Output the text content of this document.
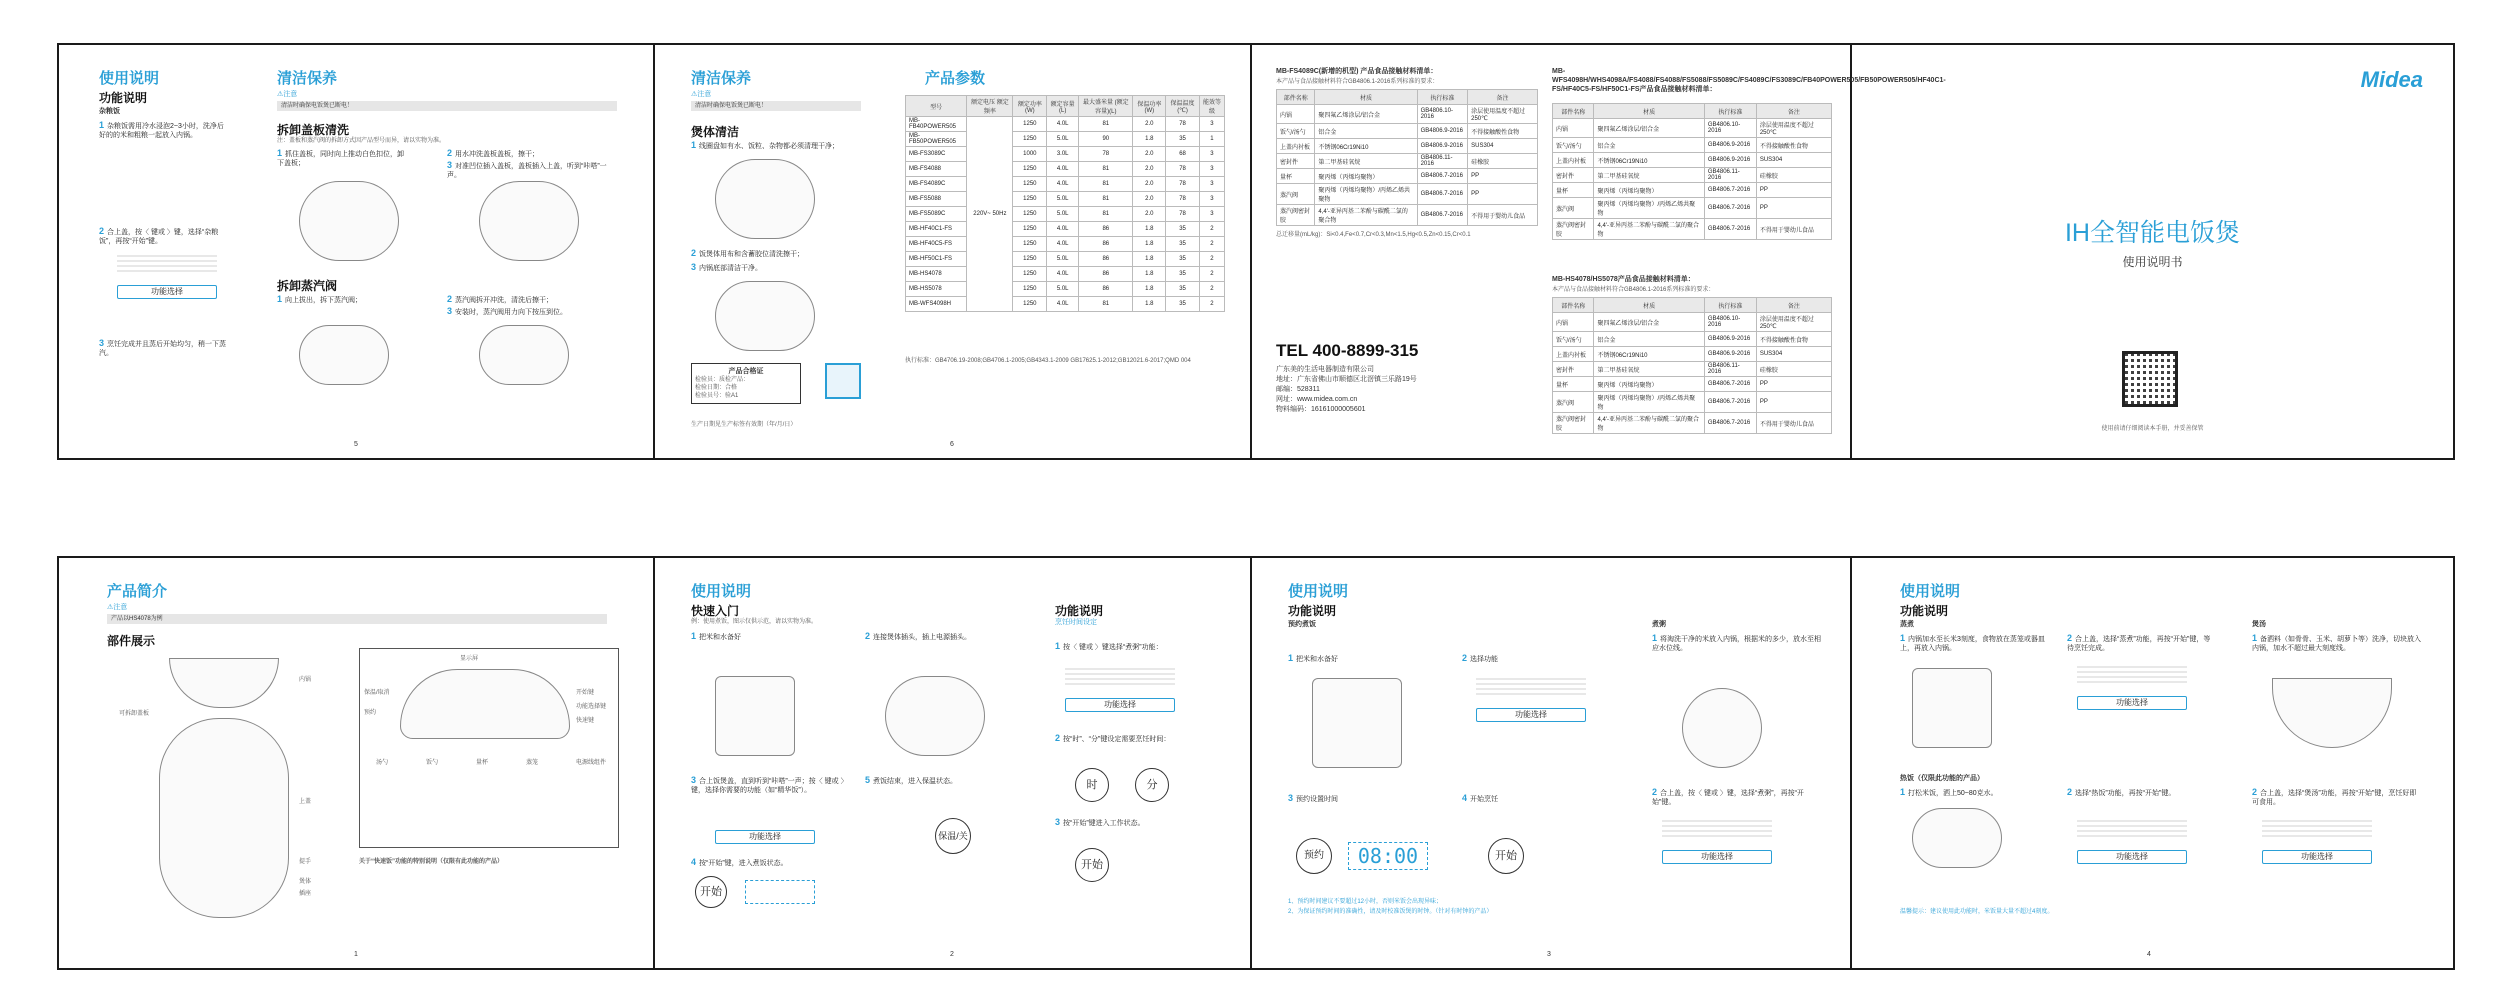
使用说明
功能说明
杂粮饭
1 杂粮饭需用冷水浸泡2~3小时，洗净后好的的米和粗粮一起放入内锅。
2 合上盖，按〈 键或 〉键，选择“杂粮饭”，再按“开始”键。
功能选择
3 烹饪完成并且蒸后开始均匀，稍一下蒸汽。
清洁保养
⚠注意
清洁时确保电饭煲已断电！
拆卸盖板清洗
注：盖板和蒸汽阀的拆卸方式因产品型号而异，请以实物为准。
1 抓住盖板，同时向上推动白色扣位，卸下盖板；
2 用水冲洗盖板盖板，擦干；
3 对准凹位插入盖板，盖板插入上盖，听到“咔嗒”一声。
拆卸蒸汽阀
1 向上拔出，拆下蒸汽阀；	2 蒸汽阀拆开冲洗，清洗后擦干；
3 安装时，蒸汽阀用力向下按压到位。
5
清洁保养
⚠注意
清洁时确保电饭煲已断电！
煲体清洁
1 线圈盘如有水、饭粒、杂物都必须清理干净；
2 饭煲体用布和含蓄胶位清洗擦干；
3 内锅底部清洁干净。
产品合格证
检验员：质检产品：
检验日期：合格
检验员号：验A1
生产日期见生产标签有效期（年/月/日）
产品参数
型号	额定电压 额定频率	额定功率(W)	额定容量(L)	最大盛米量 (额定容量)(L)	保温功率(W)	保温温度(℃)	能效等级
MB-FB40POWER505	220V~ 50Hz	1250	4.0L	81	2.0	78	3
MB-FB50POWER505		1250	5.0L	90	1.8	35	1
MB-FS3089C		1000	3.0L	78	2.0	68	3
MB-FS4088		1250	4.0L	81	2.0	78	3
MB-FS4089C		1250	4.0L	81	2.0	78	3
MB-FS5088		1250	5.0L	81	2.0	78	3
MB-FS5089C		1250	5.0L	81	2.0	78	3
MB-HF40C1-FS		1250	4.0L	86	1.8	35	2
MB-HF40C5-FS		1250	4.0L	86	1.8	35	2
MB-HF50C1-FS		1250	5.0L	86	1.8	35	2
MB-HS4078		1250	4.0L	86	1.8	35	2
MB-HS5078		1250	5.0L	86	1.8	35	2
MB-WFS4098H		1250	4.0L	81	1.8	35	2
执行标准：GB4706.19-2008;GB4706.1-2005;GB4343.1-2009 GB17625.1-2012;GB12021.6-2017;QMD 004
6
MB-FS4089C(新增的机型) 产品食品接触材料清单：
本产品与食品接触材料符合GB4806.1-2016系列标准的要求：
部件名称	材质	执行标准	备注
内锅	聚四氟乙烯涂层/铝合金	GB4806.10-2016	涂层使用温度不超过250℃
饭勺/汤勺	铝合金	GB4806.9-2016	不得接触酸性食物
上盖内衬板	不锈钢06Cr19Ni10	GB4806.9-2016	SUS304
密封件	第二甲基硅氧烷	GB4806.11-2016	硅橡胶
量杯	聚丙烯（丙烯均聚物）	GB4806.7-2016	PP
蒸汽阀	聚丙烯（丙烯均聚物）/丙烯乙烯共聚物	GB4806.7-2016	PP
蒸汽阀密封胶	4,4'-亚异丙基二苯酚与碳酰二氯的聚合物	GB4806.7-2016	不得用于婴幼儿食品
总迁移量(mL/kg)：Si<0.4,Fe<0.7,Cr<0.3,Mn<1.5,Hg<0.5,Zn<0.15,Cr<0.1
TEL 400-8899-315
广东美的生活电器制造有限公司
地址：广东省佛山市顺德区北滘镇三乐路19号
邮编：528311
网址：www.midea.com.cn
物料编码：16161000005601
MB-WFS4098H/WHS4098A/FS4088/FS4088/FS5088/FS5089C/FS4089C/FS3089C/FB40POWER505/FB50POWER505/HF40C1-FS/HF40C5-FS/HF50C1-FS产品食品接触材料清单：
部件名称	材质	执行标准	备注
内锅	聚四氟乙烯涂层/铝合金	GB4806.10-2016	涂层使用温度不超过250℃
饭勺/汤勺	铝合金	GB4806.9-2016	不得接触酸性食物
上盖内衬板	不锈钢06Cr19Ni10	GB4806.9-2016	SUS304
密封件	第二甲基硅氧烷	GB4806.11-2016	硅橡胶
量杯	聚丙烯（丙烯均聚物）	GB4806.7-2016	PP
蒸汽阀	聚丙烯（丙烯均聚物）/丙烯乙烯共聚物	GB4806.7-2016	PP
蒸汽阀密封胶	4,4'-亚异丙基二苯酚与碳酰二氯的聚合物	GB4806.7-2016	不得用于婴幼儿食品
MB-HS4078/HS5078产品食品接触材料清单：
本产品与食品接触材料符合GB4806.1-2016系列标准的要求：
部件名称	材质	执行标准	备注
内锅	聚四氟乙烯涂层/铝合金	GB4806.10-2016	涂层使用温度不超过250℃
饭勺/汤勺	铝合金	GB4806.9-2016	不得接触酸性食物
上盖内衬板	不锈钢06Cr19Ni10	GB4806.9-2016	SUS304
密封件	第二甲基硅氧烷	GB4806.11-2016	硅橡胶
量杯	聚丙烯（丙烯均聚物）	GB4806.7-2016	PP
蒸汽阀	聚丙烯（丙烯均聚物）/丙烯乙烯共聚物	GB4806.7-2016	PP
蒸汽阀密封胶	4,4'-亚异丙基二苯酚与碳酰二氯的聚合物	GB4806.7-2016	不得用于婴幼儿食品
Midea
IH全智能电饭煲
使用说明书
使用前请仔细阅读本手册，并妥善保管
产品简介
⚠注意
产品以HS4078为例
部件展示
内锅
可拆卸盖板
上盖
提手
煲体
插座
显示屏
保温/取消
预约
开始键
功能选择键
快速键
汤勺	饭勺	量杯	蒸笼	电源线组件
关于“快速饭”功能的特别说明（仅限有此功能的产品）
1
使用说明
快速入门
例：使用煮饭，图示仅供示范，请以实物为准。
1 把米和水备好	2 连接煲体插头，插上电源插头。
3 合上饭煲盖，直到听到“咔嗒”一声；按〈 键或 〉键，选择你需要的功能（如“精华饭”）。
5 煮饭结束，进入保温状态。
功能选择	保温/关
4 按“开始”键，进入煮饭状态。
开始
功能说明
烹饪时间设定
1 按〈 键或 〉键选择“煮粥”功能：
功能选择
2 按“时”、“分”键设定需要烹饪时间：
时	分
3 按“开始”键进入工作状态。
开始
2
使用说明
功能说明
预约煮饭
1 把米和水备好	2 选择功能
功能选择
3 预约设置时间	4 开始烹饪
预约	08:00	开始
1、预约时间建议不要超过12小时，否则米饭会出现异味；
2、为保证预约时间的准确性，请及时校准饭煲的时钟。（针对有时钟的产品）
煮粥
1 将淘洗干净的米放入内锅，根据米的多少，放水至相应水位线。
2 合上盖，按〈 键或 〉键，选择“煮粥”，再按“开始”键。
功能选择
3
使用说明
功能说明
蒸煮
1 内锅加水至长米3刻度，食物放在蒸笼或器皿上，再放入内锅。
2 合上盖，选择“蒸煮”功能，再按“开始”键，等待烹饪完成。
功能选择
热饭（仅限此功能的产品）
1 打松米饭，洒上50~80克水。	2 选择“热饭”功能，再按“开始”键。
功能选择
温馨提示：建议使用此功能时，米饭量大量不超过4刻度。
煲汤
1 备洒料（如骨骨、玉米、胡萝卜等）洗净，切块放入内锅，加水不超过最大刻度线。
2 合上盖，选择“煲汤”功能，再按“开始”键，烹饪好即可食用。
功能选择
4
